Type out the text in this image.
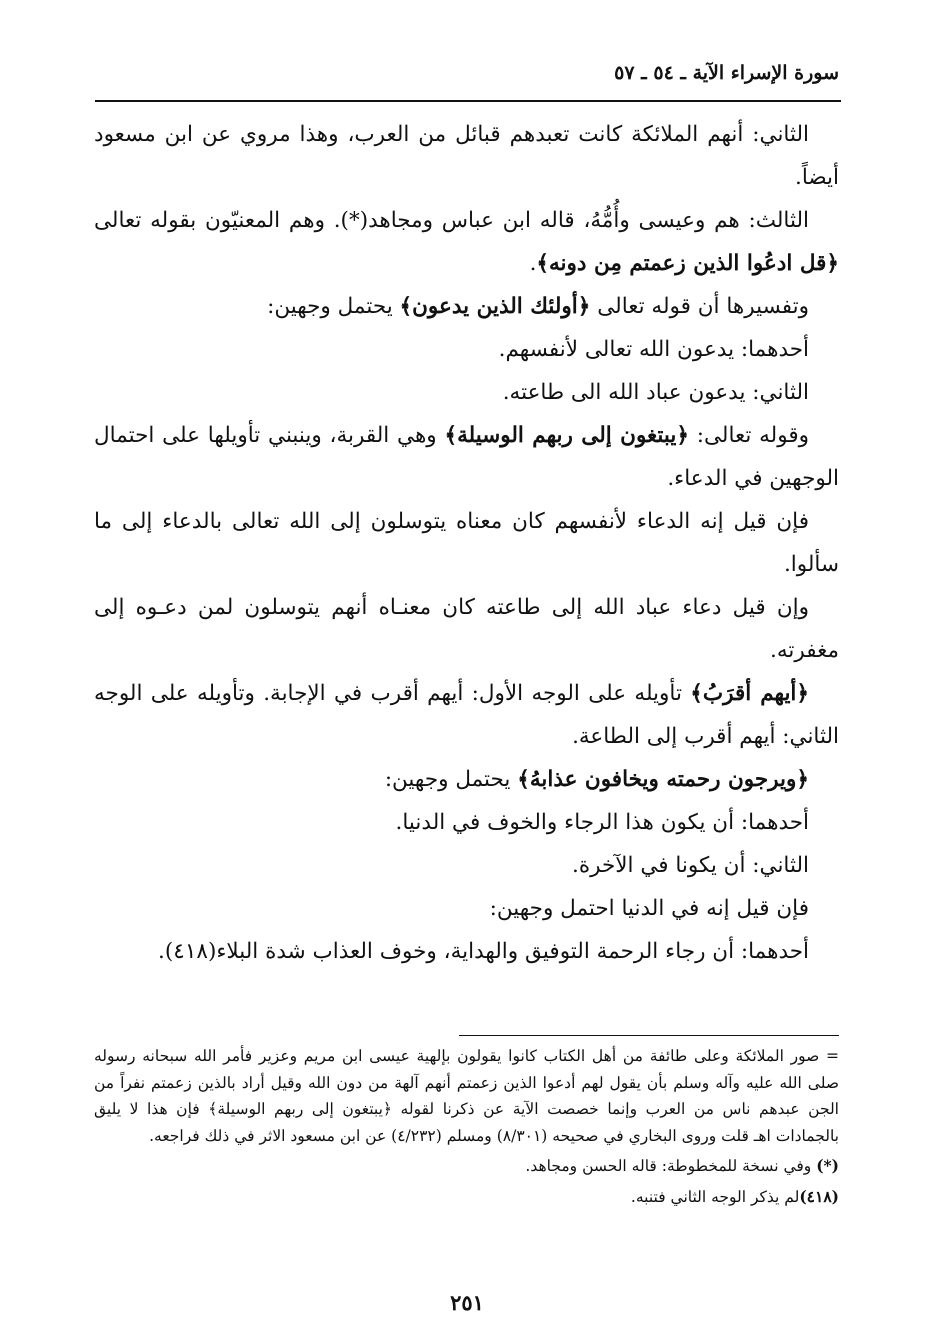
سورة الإسراء الآية ـ ٥٤ ـ ٥٧

الثاني: أنهم الملائكة كانت تعبدهم قبائل من العرب، وهذا مروي عن ابن مسعود أيضاً.

الثالث: هم وعيسى وأُمُّهُ، قاله ابن عباس ومجاهد(*). وهم المعنيّون بقوله تعالى ﴿قل ادعُوا الذين زعمتم مِن دونه﴾.

وتفسيرها أن قوله تعالى ﴿أولئك الذين يدعون﴾ يحتمل وجهين:

أحدهما: يدعون الله تعالى لأنفسهم.

الثاني: يدعون عباد الله الى طاعته.

وقوله تعالى: ﴿يبتغون إلى ربهم الوسيلة﴾ وهي القربة، وينبني تأويلها على احتمال الوجهين في الدعاء.

فإن قيل إنه الدعاء لأنفسهم كان معناه يتوسلون إلى الله تعالى بالدعاء إلى ما سألوا.

وإن قيل دعاء عباد الله إلى طاعته كان معنـاه أنهم يتوسلون لمن دعـوه إلى مغفرته.

﴿أيهم أقرَبُ﴾ تأويله على الوجه الأول: أيهم أقرب في الإجابة. وتأويله على الوجه الثاني: أيهم أقرب إلى الطاعة.

﴿ويرجون رحمته ويخافون عذابهُ﴾ يحتمل وجهين:

أحدهما: أن يكون هذا الرجاء والخوف في الدنيا.

الثاني: أن يكونا في الآخرة.

فإن قيل إنه في الدنيا احتمل وجهين:

أحدهما: أن رجاء الرحمة التوفيق والهداية، وخوف العذاب شدة البلاء(٤١٨).

= صور الملائكة وعلى طائفة من أهل الكتاب كانوا يقولون بإلهية عيسى ابن مريم وعزير فأمر الله سبحانه رسوله صلى الله عليه وآله وسلم بأن يقول لهم أدعوا الذين زعمتم أنهم آلهة من دون الله وقيل أراد بالذين زعمتم نفراً من الجن عبدهم ناس من العرب وإنما خصصت الآية عن ذكرنا لقوله ﴿يبتغون إلى ربهم الوسيلة﴾ فإن هذا لا يليق بالجمادات اهـ قلت وروى البخاري في صحيحه (٨/٣٠١) ومسلم (٤/٢٣٢) عن ابن مسعود الاثر في ذلك فراجعه.

(*) وفي نسخة للمخطوطة: قاله الحسن ومجاهد.

(٤١٨)لم يذكر الوجه الثاني فتنبه.

٢٥١
